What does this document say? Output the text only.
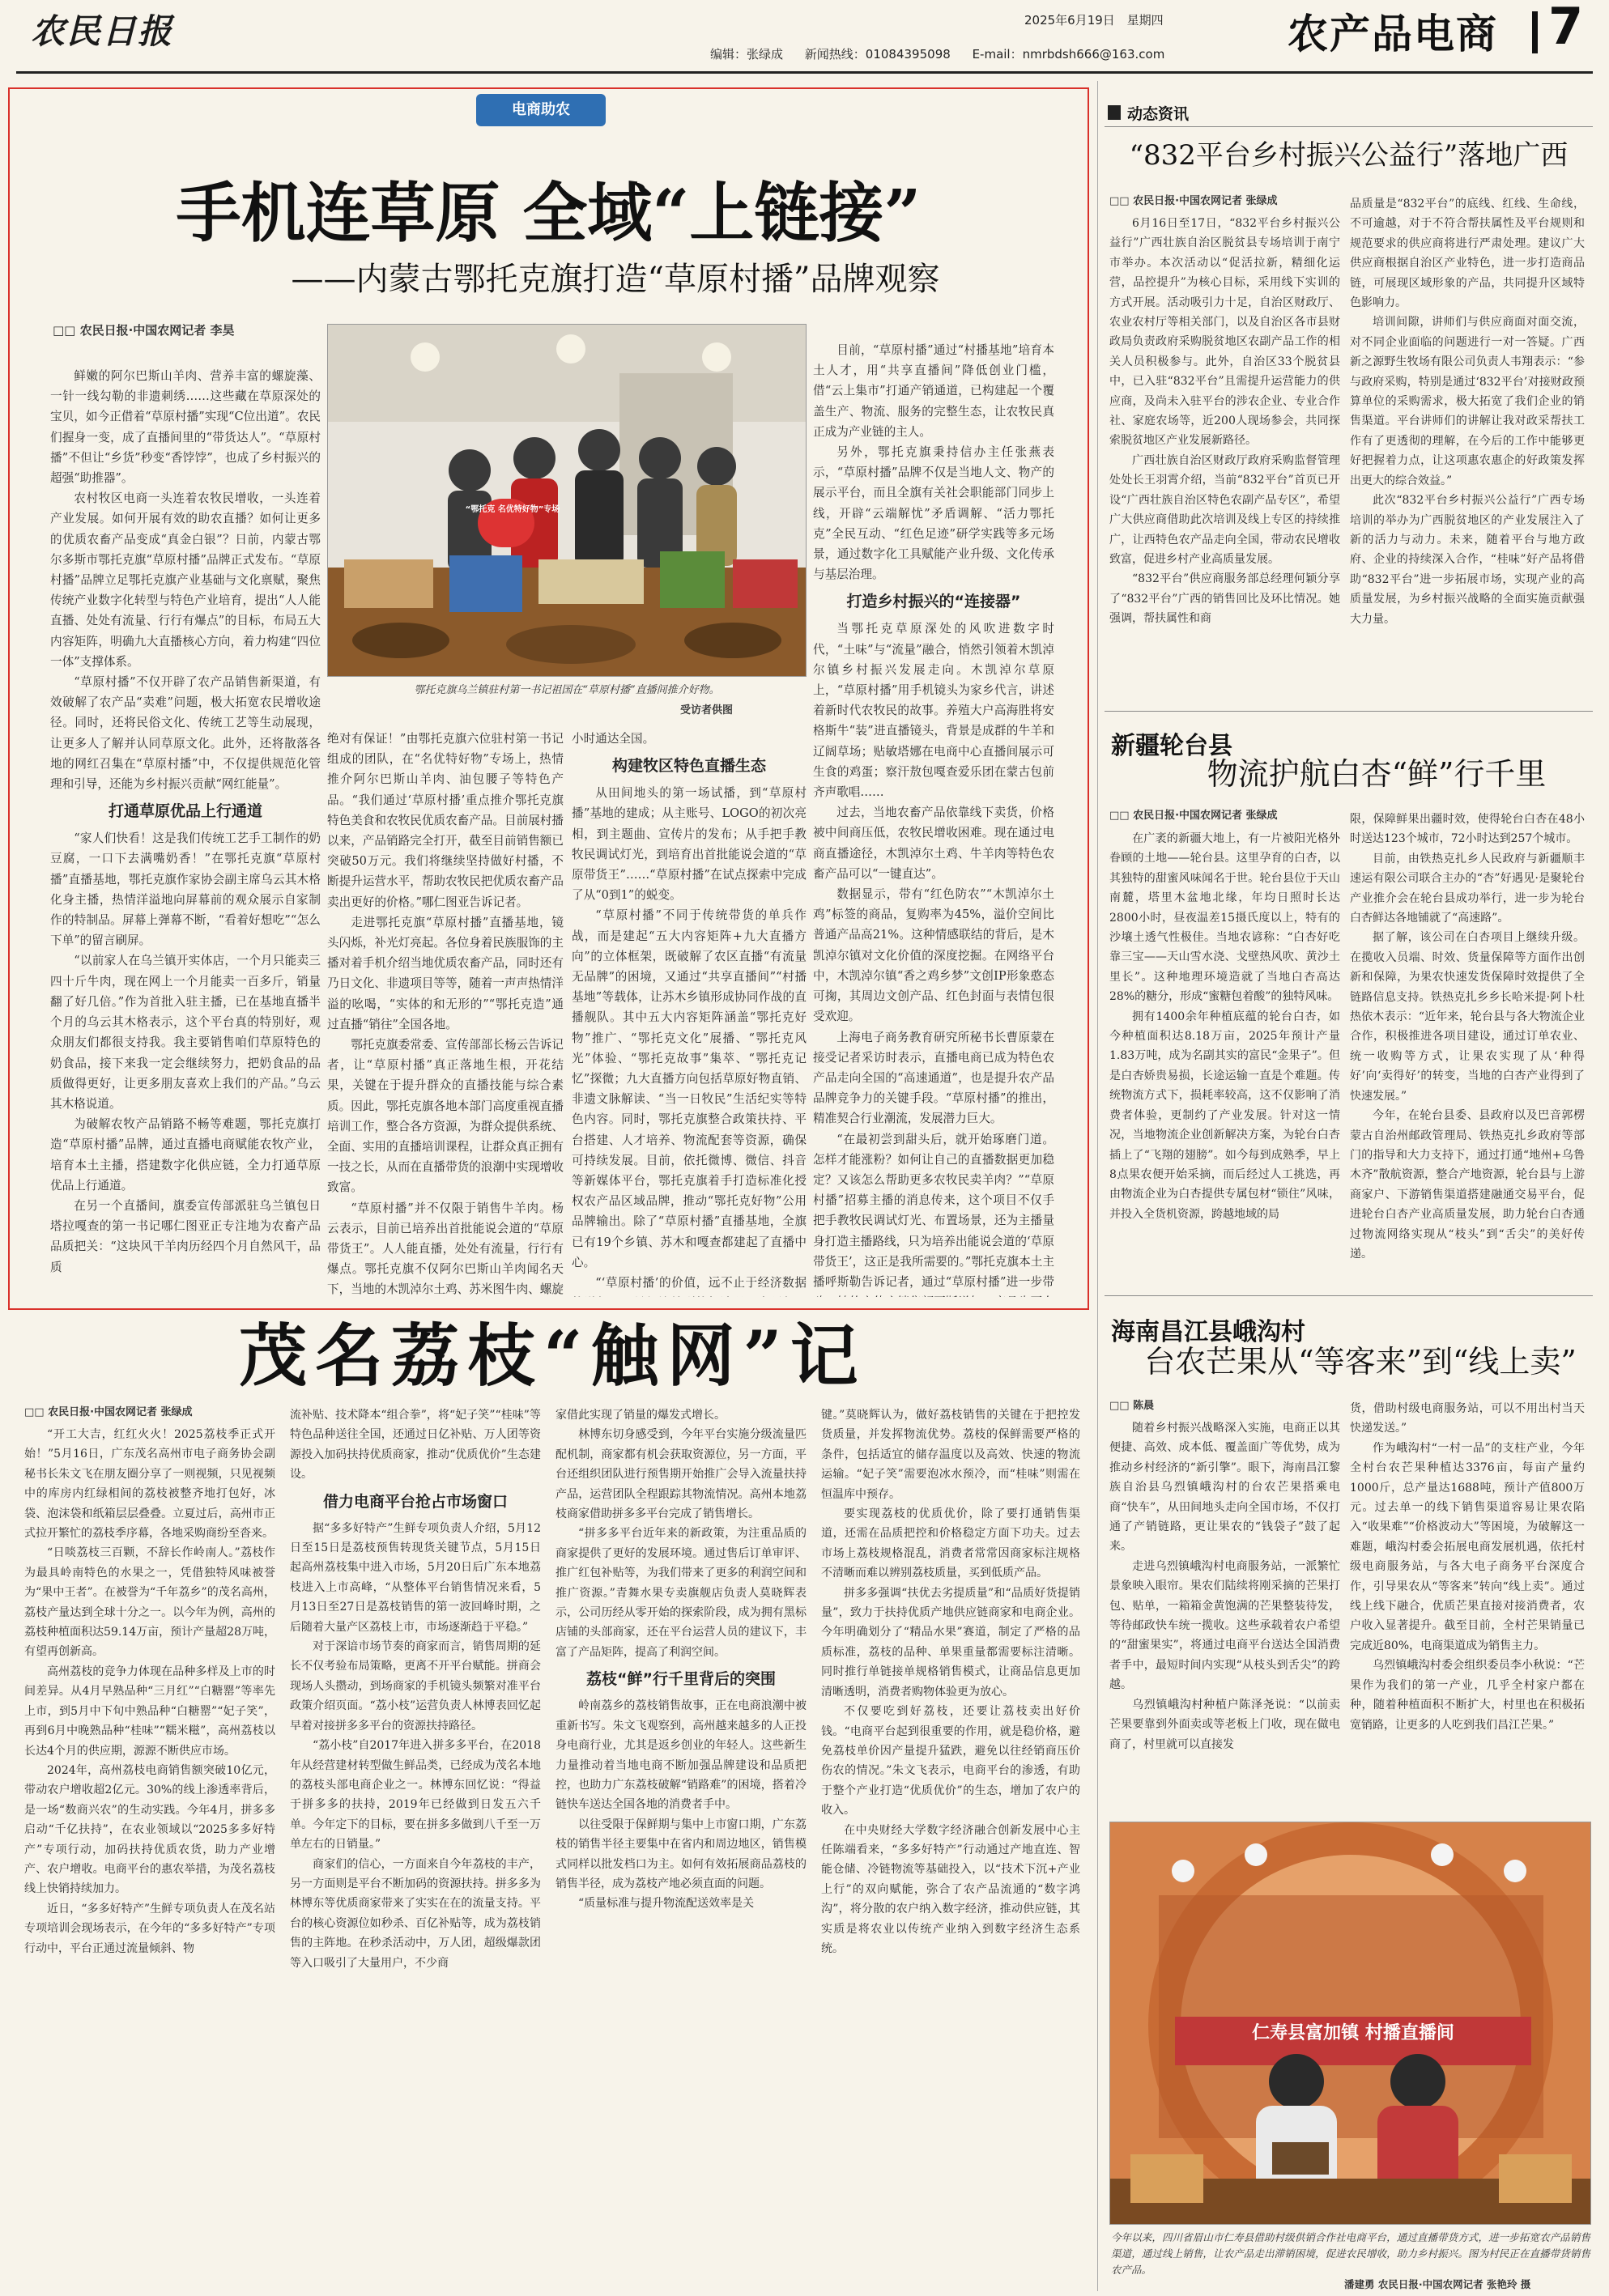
农民日报	2025年6月19日 星期四
编辑：张绿成 新闻热线：01084395098 E-mail：nmrbdsh666@163.com	农产品电商 7
电商助农
手机连草原 全域“上链接”
——内蒙古鄂托克旗打造“草原村播”品牌观察
□□ 农民日报·中国农网记者 李昊
“鄂托克 名优特好物”专场
鄂托克旗乌兰镇驻村第一书记祖国在“草原村播”直播间推介好物。
受访者供图

鲜嫩的阿尔巴斯山羊肉、营养丰富的螺旋藻、一针一线勾勒的非遗刺绣……这些藏在草原深处的宝贝，如今正借着“草原村播”实现“C位出道”。农民们握身一变，成了直播间里的“带货达人”。“草原村播”不但让“乡货”秒变“香饽饽”，也成了乡村振兴的超强“助推器”。

农村牧区电商一头连着农牧民增收，一头连着产业发展。如何开展有效的助农直播？如何让更多的优质农畜产品变成“真金白银”？日前，内蒙古鄂尔多斯市鄂托克旗“草原村播”品牌正式发布。“草原村播”品牌立足鄂托克旗产业基础与文化禀赋，聚焦传统产业数字化转型与特色产业培育，提出“人人能直播、处处有流量、行行有爆点”的目标，布局五大内容矩阵，明确九大直播核心方向，着力构建“四位一体”支撑体系。

“草原村播”不仅开辟了农产品销售新渠道，有效破解了农产品“卖难”问题，极大拓宽农民增收途径。同时，还将民俗文化、传统工艺等生动展现，让更多人了解并认同草原文化。此外，还将散落各地的网红召集在“草原村播”中，不仅提供规范化管理和引导，还能为乡村振兴贡献“网红能量”。

打通草原优品上行通道

“家人们快看！这是我们传统工艺手工制作的奶豆腐，一口下去满嘴奶香！”在鄂托克旗“草原村播”直播基地，鄂托克旗作家协会副主席乌云其木格化身主播，热情洋溢地向屏幕前的观众展示自家制作的特制品。屏幕上弹幕不断，“看着好想吃”“怎么下单”的留言刷屏。

“以前家人在乌兰镇开实体店，一个月只能卖三四十斤牛肉，现在网上一个月能卖一百多斤，销量翻了好几倍。”作为首批入驻主播，已在基地直播半个月的乌云其木格表示，这个平台真的特别好，观众朋友们都很支持我。我主要销售咱们草原特色的奶食品，接下来我一定会继续努力，把奶食品的品质做得更好，让更多朋友喜欢上我们的产品。”乌云其木格说道。

为破解农牧产品销路不畅等难题，鄂托克旗打造“草原村播”品牌，通过直播电商赋能农牧产业，培育本土主播，搭建数字化供应链，全力打通草原优品上行通道。

在另一个直播间，旗委宣传部派驻乌兰镇包日塔拉嘎查的第一书记哪仁图亚正专注地为农畜产品品质把关：“这块风干羊肉历经四个月自然风干，品质

绝对有保证！”由鄂托克旗六位驻村第一书记组成的团队，在“名优特好物”专场上，热情推介阿尔巴斯山羊肉、油包腰子等特色产品。“我们通过‘草原村播’重点推介鄂托克旗特色美食和农牧民优质农畜产品。目前展村播以来，产品销路完全打开，截至目前销售额已突破50万元。我们将继续坚持做好村播，不断提升运营水平，帮助农牧民把优质农畜产品卖出更好的价格。”哪仁图亚告诉记者。

走进鄂托克旗“草原村播”直播基地，镜头闪烁，补光灯亮起。各位身着民族服饰的主播对着手机介绍当地优质农畜产品，同时还有乃日文化、非遗项目等等，随着一声声热情洋溢的吆喝，“实体的和无形的”“鄂托克造”通过直播“销往”全国各地。

鄂托克旗委常委、宣传部部长杨云告诉记者，让“草原村播”真正落地生根，开花结果，关键在于提升群众的直播技能与综合素质。因此，鄂托克旗各地本部门高度重视直播培训工作，整合各方资源，为群众提供系统、全面、实用的直播培训课程，让群众真正拥有一技之长，从而在直播带货的浪潮中实现增收致富。

“草原村播”并不仅限于销售牛羊肉。杨云表示，目前已培养出首批能说会道的“草原带货王”。人人能直播，处处有流量，行行有爆点。鄂托克旗不仅阿尔巴斯山羊肉闻名天下，当地的木凯淖尔土鸡、苏米图牛肉、螺旋

小时通达全国。

构建牧区特色直播生态

从田间地头的第一场试播，到“草原村播”基地的建成；从主账号、LOGO的初次亮相，到主题曲、宣传片的发布；从手把手教牧民调试灯光，到培育出首批能说会道的“草原带货王”……“草原村播”在试点探索中完成了从“0到1”的蜕变。

“草原村播”不同于传统带货的单兵作战，而是建起“五大内容矩阵+九大直播方向”的立体框架，既破解了农区直播“有流量无品牌”的困境，又通过“共享直播间”“村播基地”等载体，让苏木乡镇形成协同作战的直播舰队。其中五大内容矩阵涵盖“鄂托克好物”推广、“鄂托克文化”展播、“鄂托克风光”体验、“鄂托克故事”集萃、“鄂托克记忆”探微；九大直播方向包括草原好物直销、非遗文脉解读、“当一日牧民”生活纪实等特色内容。同时，鄂托克旗整合政策扶持、平台搭建、人才培养、物流配套等资源，确保可持续发展。目前，依托微博、微信、抖音等新媒体平台，鄂托克旗着手打造标准化授权农产品区域品牌，推动“鄂托克好物”公用品牌输出。除了“草原村播”直播基地，全旗已有19个乡镇、苏木和嘎查都建起了直播中心。

“‘草原村播’的价值，远不止于经济数据

目前，“草原村播”通过“村播基地”培育本土人才，用“共享直播间”降低创业门槛，借“云上集市”打通产销通道，已构建起一个覆盖生产、物流、服务的完整生态，让农牧民真正成为产业链的主人。

另外，鄂托克旗秉持信办主任张燕表示，“草原村播”品牌不仅是当地人文、物产的展示平台，而且全旗有关社会职能部门同步上线，开辟“云端解忧”矛盾调解、“活力鄂托克”全民互动、“红色足迹”研学实践等多元场景，通过数字化工具赋能产业升级、文化传承与基层治理。

打造乡村振兴的“连接器”

当鄂托克草原深处的风吹进数字时代，“土味”与“流量”融合，悄然引领着木凯淖尔镇乡村振兴发展走向。木凯淖尔草原上，“草原村播”用手机镜头为家乡代言，讲述着新时代农牧民的故事。养殖大户高海胜将安格斯牛“装”进直播镜头，背景是成群的牛羊和辽阔草场；贴敏塔娜在电商中心直播间展示可生食的鸡蛋；察汗敖包嘎查爱乐团在蒙古包前齐声歌唱……

过去，当地农畜产品依靠线下卖货，价格被中间商压低，农牧民增收困难。现在通过电商直播途径，木凯淖尔土鸡、牛羊肉等特色农畜产品可以“一键直达”。

数据显示，带有“红色防农”“木凯淖尔土鸡”标签的商品，复购率为45%，溢价空间比普通产品高21%。这种情感联结的背后，是木凯淖尔镇对文化价值的深度挖掘。在网络平台中，木凯淖尔镇“香之鸡乡梦”文创IP形象憨态可掬，其周边文创产品、红色封面与表情包很受欢迎。

上海电子商务教育研究所秘书长曹原蒙在接受记者采访时表示，直播电商已成为特色农产品走向全国的“高速通道”，也是提升农产品品牌竞争力的关键手段。“草原村播”的推出，精准契合行业潮流，发展潜力巨大。

“在最初尝到甜头后，就开始琢磨门道。怎样才能涨粉？如何让自己的直播数据更加稳定？又该怎么帮助更多农牧民卖羊肉？”“草原村播”招募主播的消息传来，这个项目不仅手把手教牧民调试灯光、布置场景，还为主播量身打造主播路线，只为培养出能说会道的‘草原带货王’，这正是我所需要的。”鄂托克旗本土主播呼斯勒告诉记者，通过“草原村播”进一步带

动态资讯
“832平台乡村振兴公益行”落地广西
□□ 农民日报·中国农网记者 张绿成

6月16日至17日，“832平台乡村振兴公益行”广西壮族自治区脱贫县专场培训于南宁市举办。本次活动以“促活拉新，精细化运营，品控提升”为核心目标，采用线下实训的方式开展。活动吸引力十足，自治区财政厅、农业农村厅等相关部门，以及自治区各市县财政局负责政府采购脱贫地区农副产品工作的相关人员积极参与。此外，自治区33个脱贫县中，已入驻“832平台”且需提升运营能力的供应商，及尚未入驻平台的涉农企业、专业合作社、家庭农场等，近200人现场参会，共同探索脱贫地区产业发展新路径。

广西壮族自治区财政厅政府采购监督管理处处长王羽霄介绍，当前“832平台”首页已开设“广西壮族自治区特色农副产品专区”，希望广大供应商借助此次培训及线上专区的持续推广，让西特色农产品走向全国，带动农民增收致富，促进乡村产业高质量发展。

“832平台”供应商服务部总经理何颖分享了“832平台”广西的销售回比及环比情况。她强调，帮扶属性和商

品质量是“832平台”的底线、红线、生命线，不可逾越，对于不符合帮扶属性及平台规则和规范要求的供应商将进行严肃处理。建议广大供应商根据自治区产业特色，进一步打造商品链，可展现区域形象的产品，共同提升区域特色影响力。

培训间隙，讲师们与供应商面对面交流，对不同企业面临的问题进行一对一答疑。广西新之源野生牧场有限公司负责人韦翔表示：“参与政府采购，特别是通过‘832平台’对接财政预算单位的采购需求，极大拓宽了我们企业的销售渠道。平台讲师们的讲解让我对政采帮扶工作有了更透彻的理解，在今后的工作中能够更好把握着力点，让这项惠农惠企的好政策发挥出更大的综合效益。”

此次“832平台乡村振兴公益行”广西专场培训的举办为广西脱贫地区的产业发展注入了新的活力与动力。未来，随着平台与地方政府、企业的持续深入合作，“桂味”好产品将借助“832平台”进一步拓展市场，实现产业的高质量发展，为乡村振兴战略的全面实施贡献强大力量。

新疆轮台县
物流护航白杏“鲜”行千里
□□ 农民日报·中国农网记者 张绿成

在广袤的新疆大地上，有一片被阳光格外眷顾的土地——轮台县。这里孕育的白杏，以其独特的甜蜜风味闻名于世。轮台县位于天山南麓，塔里木盆地北缘，年均日照时长达2800小时，昼夜温差15摄氏度以上，特有的沙壤土透气性极佳。当地农谚称：“白杏好吃靠三宝——天山雪水浇、戈壁热风吹、黄沙土里长”。这种地理环境造就了当地白杏高达28%的糖分，形成“蜜糖包着酸”的独特风味。

拥有1400余年种植底蕴的轮台白杏，如今种植面积达8.18万亩，2025年预计产量1.83万吨，成为名副其实的富民“金果子”。但是白杏娇贵易损，长途运输一直是个难题。传统物流方式下，损耗率较高，这不仅影响了消费者体验，更制约了产业发展。针对这一情况，当地物流企业创新解决方案，为轮台白杏插上了“飞翔的翅膀”。如今每到成熟季，早上8点果农便开始采摘，而后经过人工挑选，再由物流企业为白杏提供专属包材“锁住”风味，并投入全货机资源，跨越地域的局

限，保障鲜果出疆时效，使得轮台白杏在48小时送达123个城市，72小时达到257个城市。

目前，由铁热克扎乡人民政府与新疆顺丰速运有限公司联合主办的“杏”好遇见·是聚轮台产业推介会在轮台县成功举行，进一步为轮台白杏鲜达各地铺就了“高速路”。

据了解，该公司在白杏项目上继续升级。在揽收入员端、时效、货量保障等方面作出创新和保障，为果农快速发货保障时效提供了全链路信息支持。铁热克扎乡乡长哈米提·阿卜杜热依木表示：“近年来，轮台县与各大物流企业合作，积极推进各项目建设，通过订单农业、统一收购等方式，让果农实现了从‘种得好’向‘卖得好’的转变，当地的白杏产业得到了快速发展。”

今年，在轮台县委、县政府以及巴音郭楞蒙古自治州邮政管理局、铁热克扎乡政府等部门的指导和大力支持下，通过打通“地州+乌鲁木齐”散航资源，整合产地资源，轮台县与上游商家户、下游销售渠道搭建融通交易平台，促进轮台白杏产业高质量发展，助力轮台白杏通过物流网络实现从“枝头”到“舌尖”的美好传递。

海南昌江县峨沟村
台农芒果从“等客来”到“线上卖”
□□ 陈晨

随着乡村振兴战略深入实施，电商正以其便捷、高效、成本低、覆盖面广等优势，成为推动乡村经济的“新引擎”。眼下，海南昌江黎族自治县乌烈镇峨沟村的台农芒果搭乘电商“快车”，从田间地头走向全国市场，不仅打通了产销链路，更让果农的“钱袋子”鼓了起来。

走进乌烈镇峨沟村电商服务站，一派繁忙景象映入眼帘。果农们陆续将刚采摘的芒果打包、贴单，一箱箱金黄饱满的芒果整装待发，等待邮政快车统一揽收。这些承载着农户希望的“甜蜜果实”，将通过电商平台送达全国消费者手中，最短时间内实现“从枝头到舌尖”的跨越。

乌烈镇峨沟村种植户陈泽尧说：“以前卖芒果要靠到外面卖或等老板上门收，现在做电商了，村里就可以直接发

货，借助村级电商服务站，可以不用出村当天快递发送。”

作为峨沟村“一村一品”的支柱产业，今年全村台农芒果种植达3376亩，每亩产量约1000斤，总产量达1688吨，预计产值800万元。过去单一的线下销售渠道容易让果农陷入“收果难”“价格波动大”等困境，为破解这一难题，峨沟村委会拓展电商发展机遇，依托村级电商服务站，与各大电子商务平台深度合作，引导果农从“等客来”转向“线上卖”。通过线上线下融合，优质芒果直接对接消费者，农户收入显著提升。截至目前，全村芒果销量已完成近80%，电商渠道成为销售主力。

乌烈镇峨沟村委会组织委员李小秋说：“芒果作为我们的第一产业，几乎全村家户都在种，随着种植面积不断扩大，村里也在积极拓宽销路，让更多的人吃到我们昌江芒果。”

仁寿县富加镇 村播直播间
今年以来，四川省眉山市仁寿县借助村级供销合作社电商平台，通过直播带货方式，进一步拓宽农产品销售渠道，通过线上销售，让农产品走出滞销困境，促进农民增收，助力乡村振兴。图为村民正在直播带货销售农产品。
潘建勇 农民日报·中国农网记者 张艳玲 摄
茂名荔枝“触网”记
□□ 农民日报·中国农网记者 张绿成

“开工大吉，红红火火！2025荔枝季正式开始！”5月16日，广东茂名高州市电子商务协会副秘书长朱文飞在朋友圈分享了一则视频，只见视频中的库房内红绿相间的荔枝被整齐地打包好，冰袋、泡沫袋和纸箱层层叠叠。立夏过后，高州市正式拉开繁忙的荔枝季序幕，各地采购商纷至沓来。

“日啖荔枝三百颗，不辞长作岭南人。”荔枝作为最具岭南特色的水果之一，凭借独特风味被誉为“果中王者”。在被誉为“千年荔乡”的茂名高州，荔枝产量达到全球十分之一。以今年为例，高州的荔枝种植面积达59.14万亩，预计产量超28万吨，有望再创新高。

高州荔枝的竞争力体现在品种多样及上市的时间差异。从4月早熟品种“三月红”“白糖罂”等率先上市，到5月中下旬中熟品种“白糖罂”“妃子笑”，再到6月中晚熟品种“桂味”“糯米糍”，高州荔枝以长达4个月的供应期，源源不断供应市场。

2024年，高州荔枝电商销售额突破10亿元，带动农户增收超2亿元。30%的线上渗透率背后，是一场“数商兴农”的生动实践。今年4月，拼多多启动“千亿扶持”，在农业领域以“2025多多好特产”专项行动，加码扶持优质农货，助力产业增产、农户增收。电商平台的惠农举措，为茂名荔枝线上快销持续加力。

近日，“多多好特产”生鲜专项负责人在茂名站专项培训会现场表示，在今年的“多多好特产”专项行动中，平台正通过流量倾斜、物

流补贴、技术降本“组合拳”，将“妃子笑”“桂味”等特色品种送往全国，还通过日亿补贴、万人团等资源投入加码扶持优质商家，推动“优质优价”生态建设。

借力电商平台抢占市场窗口

据“多多好特产”生鲜专项负责人介绍，5月12日至15日是荔枝预售转现货关键节点，5月15日起高州荔枝集中进入市场，5月20日后广东本地荔枝进入上市高峰，“从整体平台销售情况来看，5月13日至27日是荔枝销售的第一波回峰时期，之后随着大量产区荔枝上市，市场逐渐趋于平稳。”

对于深谙市场节奏的商家而言，销售周期的延长不仅考验布局策略，更离不开平台赋能。拼商会现场人头攒动，到场商家的手机镜头频繁对准平台政策介绍页面。“荔小枝”运营负责人林博表回忆起早着对接拼多多平台的资源扶持路径。

“荔小枝”自2017年进入拼多多平台，在2018年从经营建材转型做生鲜品类，已经成为茂名本地的荔枝头部电商企业之一。林博东回忆说：“得益于拼多多的扶持，2019年已经做到日发五六千单。今年定下的目标，要在拼多多做到八千至一万单左右的日销量。”

商家们的信心，一方面来自今年荔枝的丰产，另一方面则是平台不断加码的资源扶持。拼多多为林博东等优质商家带来了实实在在的流量支持。平台的核心资源位如秒杀、百亿补贴等，成为荔枝销售的主阵地。在秒杀活动中，万人团，超级爆款团等入口吸引了大量用户，不少商

家借此实现了销量的爆发式增长。

林博东切身感受到，今年平台实施分级流量匹配机制，商家都有机会获取资源位，另一方面，平台还组织团队进行预售期开始推广会导入流量扶持产品，运营团队全程跟踪其物流情况。高州本地荔枝商家借助拼多多平台完成了销售增长。

“拼多多平台近年来的新政策，为注重品质的商家提供了更好的发展环境。通过售后订单审评、推广红包补贴等，为我们带来了更多的利润空间和推广资源。”青舞水果专卖旗舰店负责人莫晓辉表示，公司历经从零开始的探索阶段，成为拥有黑标店铺的头部商家，还在平台运营人员的建议下，丰富了产品矩阵，提高了利润空间。

荔枝“鲜”行千里背后的突围

岭南荔乡的荔枝销售故事，正在电商浪潮中被重新书写。朱文飞观察到，高州越来越多的人正投身电商行业，尤其是返乡创业的年轻人。这些新生力量推动着当地电商不断加强品牌建设和品质把控，也助力广东荔枝破解“销路难”的困境，搭着冷链快车送达全国各地的消费者手中。

以往受限于保鲜期与集中上市窗口期，广东荔枝的销售半径主要集中在省内和周边地区，销售模式同样以批发档口为主。如何有效拓展商品荔枝的销售半径，成为荔枝产地必须直面的问题。

“质量标准与提升物流配送效率是关

键。”莫晓辉认为，做好荔枝销售的关键在于把控发货质量，并发挥物流优势。荔枝的保鲜需要严格的条件，包括适宜的储存温度以及高效、快速的物流运输。“妃子笑”需要泡冰水预冷，而“桂味”则需在恒温库中预存。

要实现荔枝的优质优价，除了要打通销售渠道，还需在品质把控和价格稳定方面下功夫。过去市场上荔枝规格混乱，消费者常常因商家标注规格不清晰而难以辨别荔枝质量，买到低质产品。

拼多多强调“扶优去劣提质量”和“品质好货提销量”，致力于扶持优质产地供应链商家和电商企业。今年明确划分了“精品水果”赛道，制定了严格的品质标准，荔枝的品种、单果重量都需要标注清晰。同时推行单链接单规格销售模式，让商品信息更加清晰透明，消费者购物体验更为放心。

不仅要吃到好荔枝，还要让荔枝卖出好价钱。“电商平台起到很重要的作用，就是稳价格，避免荔枝单价因产量提升猛跌，避免以往经销商压价伤农的情况。”朱文飞表示，电商平台的渗透，有助于整个产业打造“优质优价”的生态，增加了农户的收入。

在中央财经大学数字经济融合创新发展中心主任陈端看来，“多多好特产”行动通过产地直连、智能仓储、冷链物流等基础投入，以“技术下沉+产业上行”的双向赋能，弥合了农产品流通的“数字鸿沟”，将分散的农户纳入数字经济，推动供应链，其实质是将农业以传统产业纳入到数字经济生态系统。
